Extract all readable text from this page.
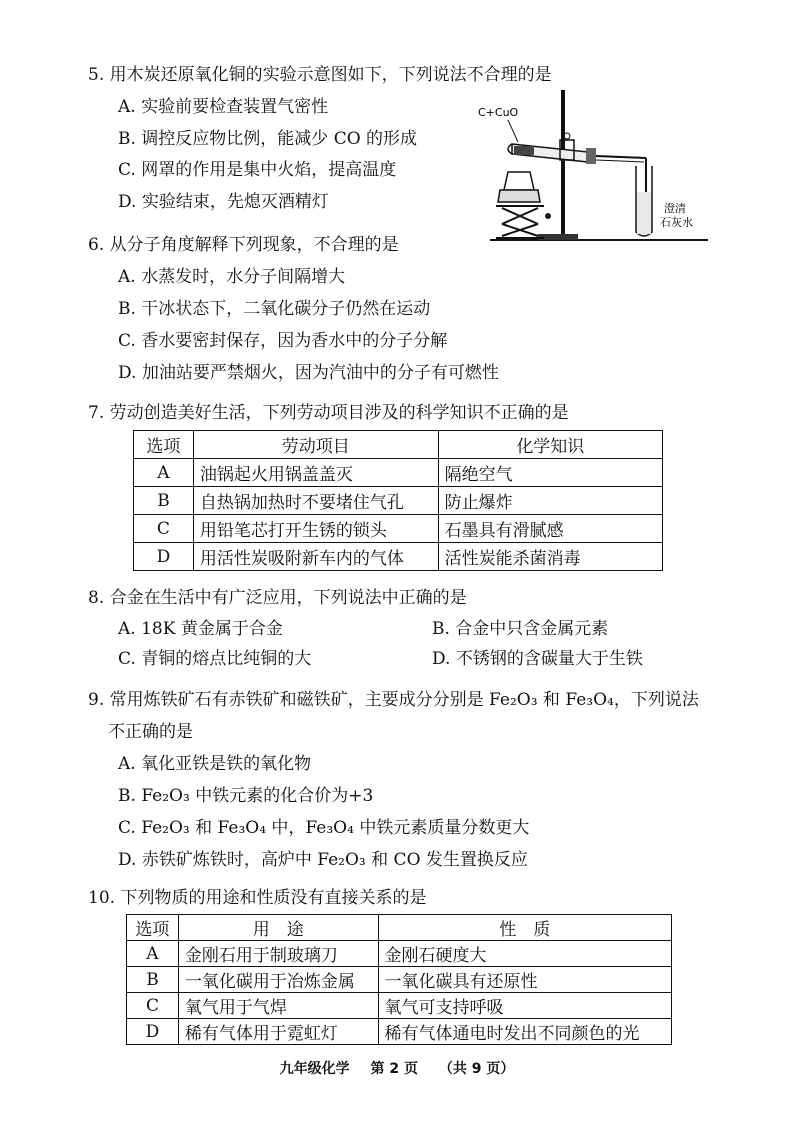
5. 用木炭还原氧化铜的实验示意图如下，下列说法不合理的是
A. 实验前要检查装置气密性
B. 调控反应物比例，能减少 CO 的形成
C. 网罩的作用是集中火焰，提高温度
D. 实验结束，先熄灭酒精灯
C+CuO
澄清
石灰水
6. 从分子角度解释下列现象，不合理的是
A. 水蒸发时，水分子间隔增大
B. 干冰状态下，二氧化碳分子仍然在运动
C. 香水要密封保存，因为香水中的分子分解
D. 加油站要严禁烟火，因为汽油中的分子有可燃性
7. 劳动创造美好生活，下列劳动项目涉及的科学知识不正确的是
选项	劳动项目	化学知识
A	油锅起火用锅盖盖灭	隔绝空气
B	自热锅加热时不要堵住气孔	防止爆炸
C	用铅笔芯打开生锈的锁头	石墨具有滑腻感
D	用活性炭吸附新车内的气体	活性炭能杀菌消毒
8. 合金在生活中有广泛应用，下列说法中正确的是
A. 18K 黄金属于合金	B. 合金中只含金属元素
C. 青铜的熔点比纯铜的大	D. 不锈钢的含碳量大于生铁
9. 常用炼铁矿石有赤铁矿和磁铁矿，主要成分分别是 Fe₂O₃ 和 Fe₃O₄，下列说法
不正确的是
A. 氧化亚铁是铁的氧化物
B. Fe₂O₃ 中铁元素的化合价为+3
C. Fe₂O₃ 和 Fe₃O₄ 中，Fe₃O₄ 中铁元素质量分数更大
D. 赤铁矿炼铁时，高炉中 Fe₂O₃ 和 CO 发生置换反应
10. 下列物质的用途和性质没有直接关系的是
选项	用　途	性　质
A	金刚石用于制玻璃刀	金刚石硬度大
B	一氧化碳用于冶炼金属	一氧化碳具有还原性
C	氧气用于气焊	氧气可支持呼吸
D	稀有气体用于霓虹灯	稀有气体通电时发出不同颜色的光
九年级化学 第 2 页 （共 9 页）
